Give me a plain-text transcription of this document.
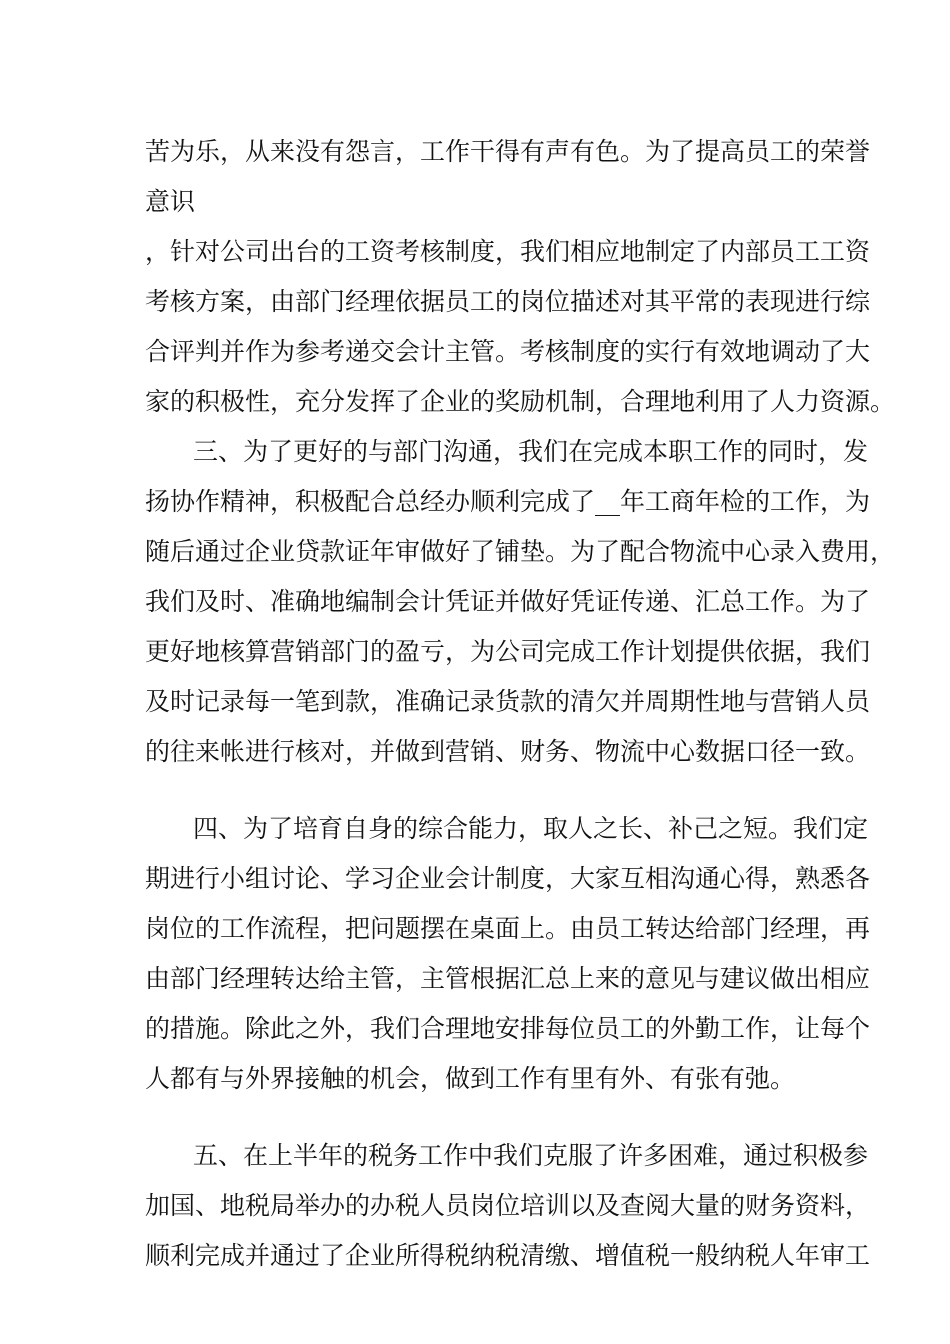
苦为乐，从来没有怨言，工作干得有声有色。为了提高员工的荣誉
意识
，针对公司出台的工资考核制度，我们相应地制定了内部员工工资
考核方案，由部门经理依据员工的岗位描述对其平常的表现进行综
合评判并作为参考递交会计主管。考核制度的实行有效地调动了大
家的积极性，充分发挥了企业的奖励机制，合理地利用了人力资源。
三、为了更好的与部门沟通，我们在完成本职工作的同时，发
扬协作精神，积极配合总经办顺利完成了__年工商年检的工作，为
随后通过企业贷款证年审做好了铺垫。为了配合物流中心录入费用，
我们及时、准确地编制会计凭证并做好凭证传递、汇总工作。为了
更好地核算营销部门的盈亏，为公司完成工作计划提供依据，我们
及时记录每一笔到款，准确记录货款的清欠并周期性地与营销人员
的往来帐进行核对，并做到营销、财务、物流中心数据口径一致。
四、为了培育自身的综合能力，取人之长、补己之短。我们定
期进行小组讨论、学习企业会计制度，大家互相沟通心得，熟悉各
岗位的工作流程，把问题摆在桌面上。由员工转达给部门经理，再
由部门经理转达给主管，主管根据汇总上来的意见与建议做出相应
的措施。除此之外，我们合理地安排每位员工的外勤工作，让每个
人都有与外界接触的机会，做到工作有里有外、有张有弛。
五、在上半年的税务工作中我们克服了许多困难，通过积极参
加国、地税局举办的办税人员岗位培训以及查阅大量的财务资料，
顺利完成并通过了企业所得税纳税清缴、增值税一般纳税人年审工
